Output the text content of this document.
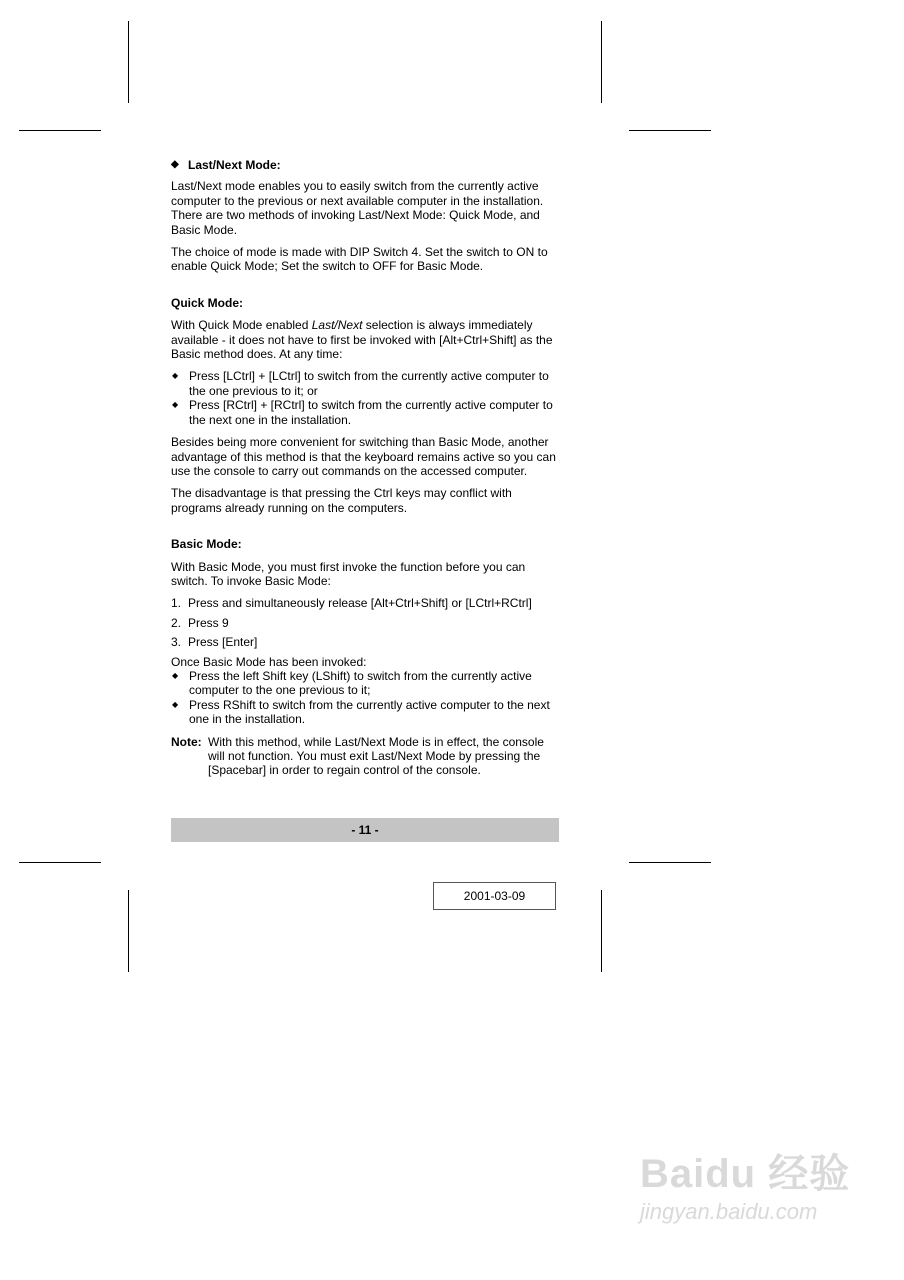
◆ Last/Next Mode:

Last/Next mode enables you to easily switch from the currently active computer to the previous or next available computer in the installation. There are two methods of invoking Last/Next Mode: Quick Mode, and Basic Mode.

The choice of mode is made with DIP Switch 4. Set the switch to ON to enable Quick Mode; Set the switch to OFF for Basic Mode.

Quick Mode:

With Quick Mode enabled Last/Next selection is always immediately available - it does not have to first be invoked with [Alt+Ctrl+Shift] as the Basic method does. At any time:

◆ Press [LCtrl] + [LCtrl] to switch from the currently active computer to the one previous to it; or
◆ Press [RCtrl] + [RCtrl] to switch from the currently active computer to the next one in the installation.

Besides being more convenient for switching than Basic Mode, another advantage of this method is that the keyboard remains active so you can use the console to carry out commands on the accessed computer.

The disadvantage is that pressing the Ctrl keys may conflict with programs already running on the computers.

Basic Mode:

With Basic Mode, you must first invoke the function before you can switch. To invoke Basic Mode:

1. Press and simultaneously release [Alt+Ctrl+Shift] or [LCtrl+RCtrl]
2. Press 9
3. Press [Enter]

Once Basic Mode has been invoked:

◆ Press the left Shift key (LShift) to switch from the currently active computer to the one previous to it;
◆ Press RShift to switch from the currently active computer to the next one in the installation.
Note: With this method, while Last/Next Mode is in effect, the console will not function. You must exit Last/Next Mode by pressing the [Spacebar] in order to regain control of the console.
- 11 -
2001-03-09
Baidu 经验
jingyan.baidu.com
